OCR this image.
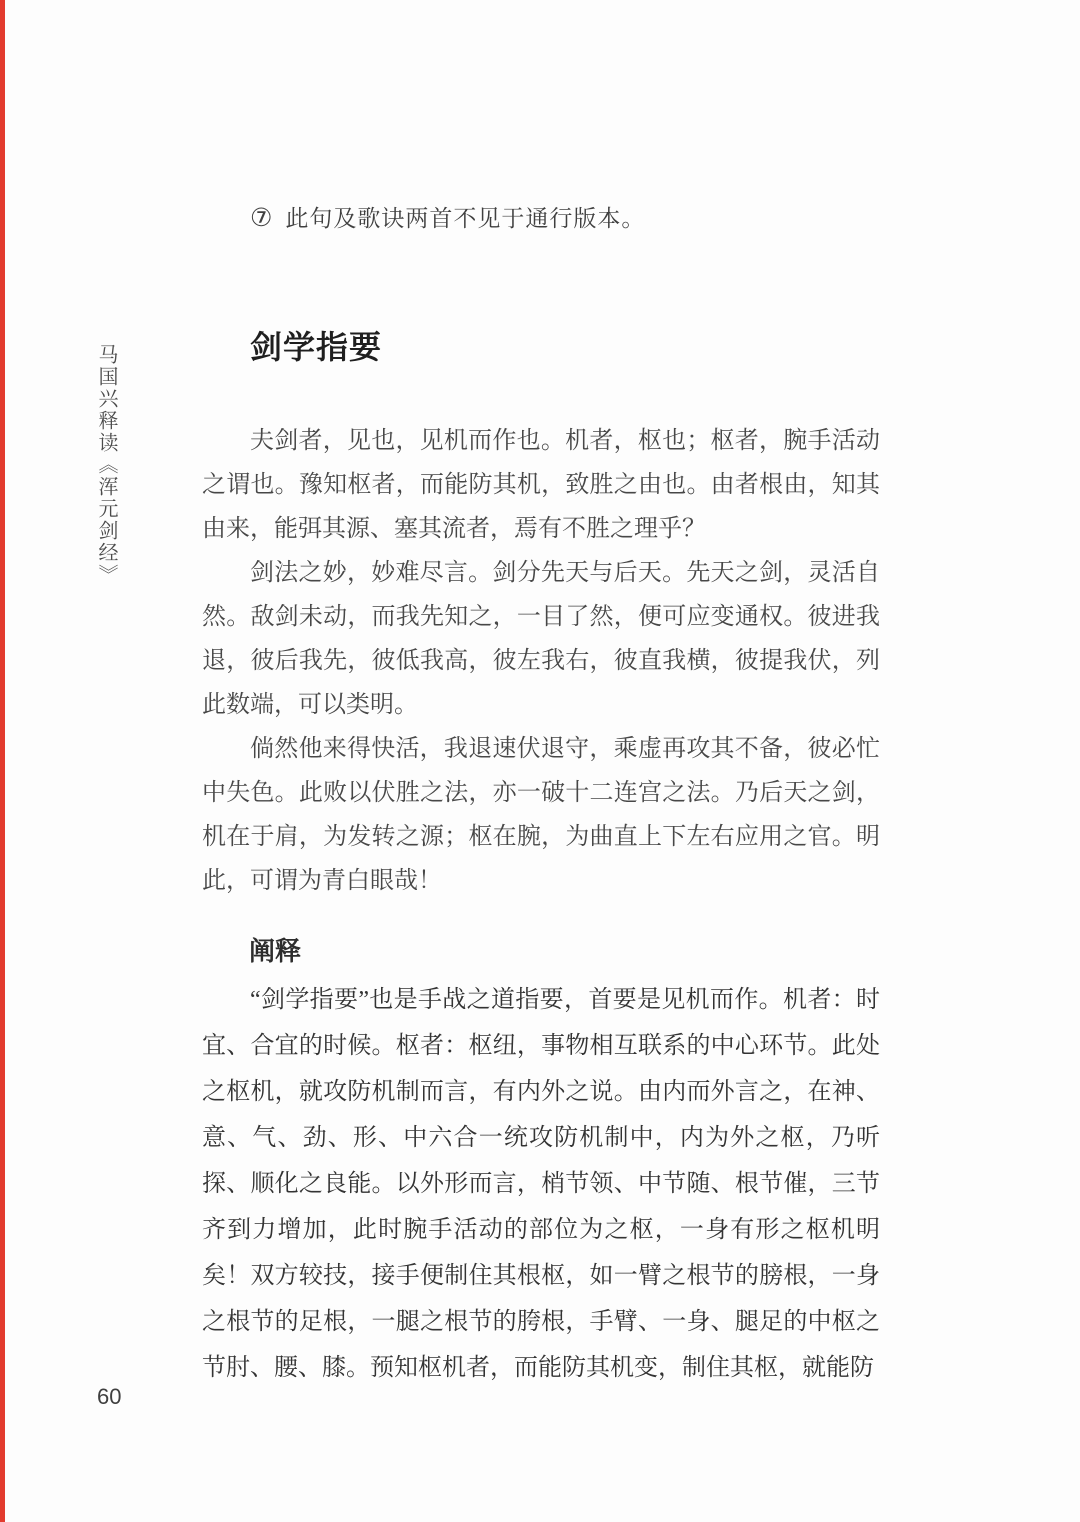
⑦ 此句及歌诀两首不见于通行版本。
马国兴释读《浑元剑经》	剑学指要

夫剑者，见也，见机而作也。机者，枢也；枢者，腕手活动之谓也。豫知枢者，而能防其机，致胜之由也。由者根由，知其由来，能弭其源、塞其流者，焉有不胜之理乎？

剑法之妙，妙难尽言。剑分先天与后天。先天之剑，灵活自然。敌剑未动，而我先知之，一目了然，便可应变通权。彼进我退，彼后我先，彼低我高，彼左我右，彼直我横，彼提我伏，列此数端，可以类明。

倘然他来得快活，我退速伏退守，乘虚再攻其不备，彼必忙中失色。此败以伏胜之法，亦一破十二连宫之法。乃后天之剑，机在于肩，为发转之源；枢在腕，为曲直上下左右应用之官。明此，可谓为青白眼哉！

阐释

“剑学指要”也是手战之道指要，首要是见机而作。机者：时宜、合宜的时候。枢者：枢纽，事物相互联系的中心环节。此处之枢机，就攻防机制而言，有内外之说。由内而外言之，在神、意、气、劲、形、中六合一统攻防机制中，内为外之枢，乃听探、顺化之良能。以外形而言，梢节领、中节随、根节催，三节齐到力增加，此时腕手活动的部位为之枢，一身有形之枢机明矣！双方较技，接手便制住其根枢，如一臂之根节的膀根，一身之根节的足根，一腿之根节的胯根，手臂、一身、腿足的中枢之节肘、腰、膝。预知枢机者，而能防其机变，制住其枢，就能防

60
